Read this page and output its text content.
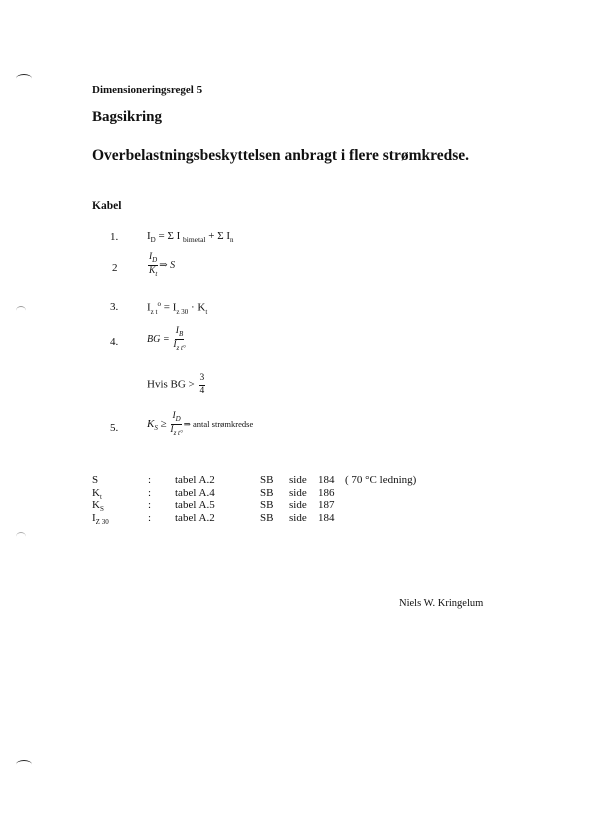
Dimensioneringsregel 5
Bagsikring
Overbelastningsbeskyttelsen anbragt i flere strømkredse.
Kabel
1.
2
3.
4.
5.
$I_D = \Sigma$ I $_{bimetal}$ + Σ $I_n$
$\frac{I_D}{K_t}$ ⇒ S
$I_{z t}^o = I_{z 30} \cdot K_t$
BG = $\frac{I_B}{I_{z t^\circ}}$
Hvis BG > $\frac{3}{4}$
$K_S \ge \frac{I_D}{I_{z t^\circ}}$ ⇒ antal strømkredse
S
$K_t$
$K_S$
$I_{Z 30}$
:
:
:
:
tabel A.2
tabel A.4
tabel A.5
tabel A.2
SB
SB
SB
SB
side
side
side
side
184
186
187
184
( 70 °C ledning)
Niels W. Kringelum
